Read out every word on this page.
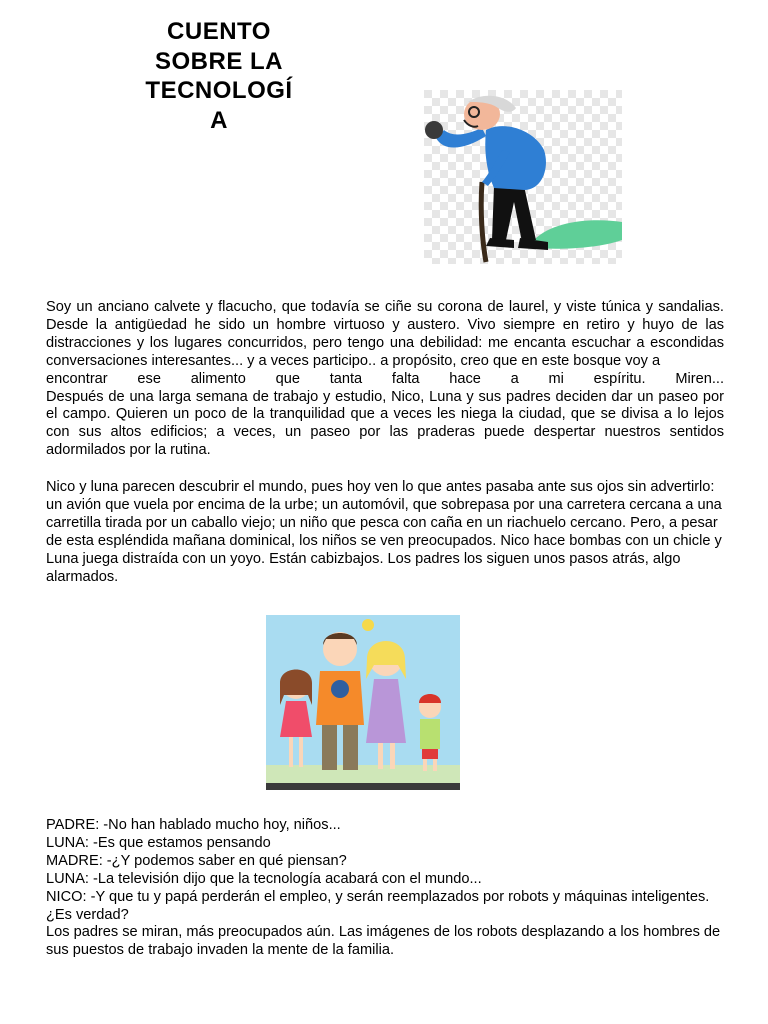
CUENTO
SOBRE LA
TECNOLOGÍ
A

Soy un anciano calvete y flacucho, que todavía se ciñe su corona de laurel, y viste túnica y sandalias. Desde la antigüedad he sido un hombre virtuoso y austero. Vivo siempre en retiro y huyo de las distracciones y los lugares concurridos, pero tengo una debilidad: me encanta escuchar a escondidas conversaciones interesantes... y a veces participo.. a propósito, creo que en este bosque voy a
encontrar ese alimento que tanta falta hace a mi espíritu. Miren...
Después de una larga semana de trabajo y estudio, Nico, Luna y sus padres deciden dar un paseo por el campo. Quieren un poco de la tranquilidad que a veces les niega la ciudad, que se divisa a lo lejos con sus altos edificios; a veces, un paseo por las praderas puede despertar nuestros sentidos adormilados por la rutina.

Nico y luna parecen descubrir el mundo, pues hoy ven lo que antes pasaba ante sus ojos sin advertirlo: un avión que vuela por encima de la urbe; un automóvil, que sobrepasa por una carretera cercana a una carretilla tirada por un caballo viejo; un niño que pesca con caña en un riachuelo cercano. Pero, a pesar de esta espléndida mañana dominical, los niños se ven preocupados. Nico hace bombas con un chicle y Luna juega distraída con un yoyo. Están cabizbajos. Los padres los siguen unos pasos atrás, algo alarmados.

PADRE: -No han hablado mucho hoy, niños...
LUNA: -Es que estamos pensando
MADRE: -¿Y podemos saber en qué piensan?
LUNA: -La televisión dijo que la tecnología acabará con el mundo...
NICO: -Y que tu y papá perderán el empleo, y serán reemplazados por robots y máquinas inteligentes. ¿Es verdad?
Los padres se miran, más preocupados aún. Las imágenes de los robots desplazando a los hombres de sus puestos de trabajo invaden la mente de la familia.
